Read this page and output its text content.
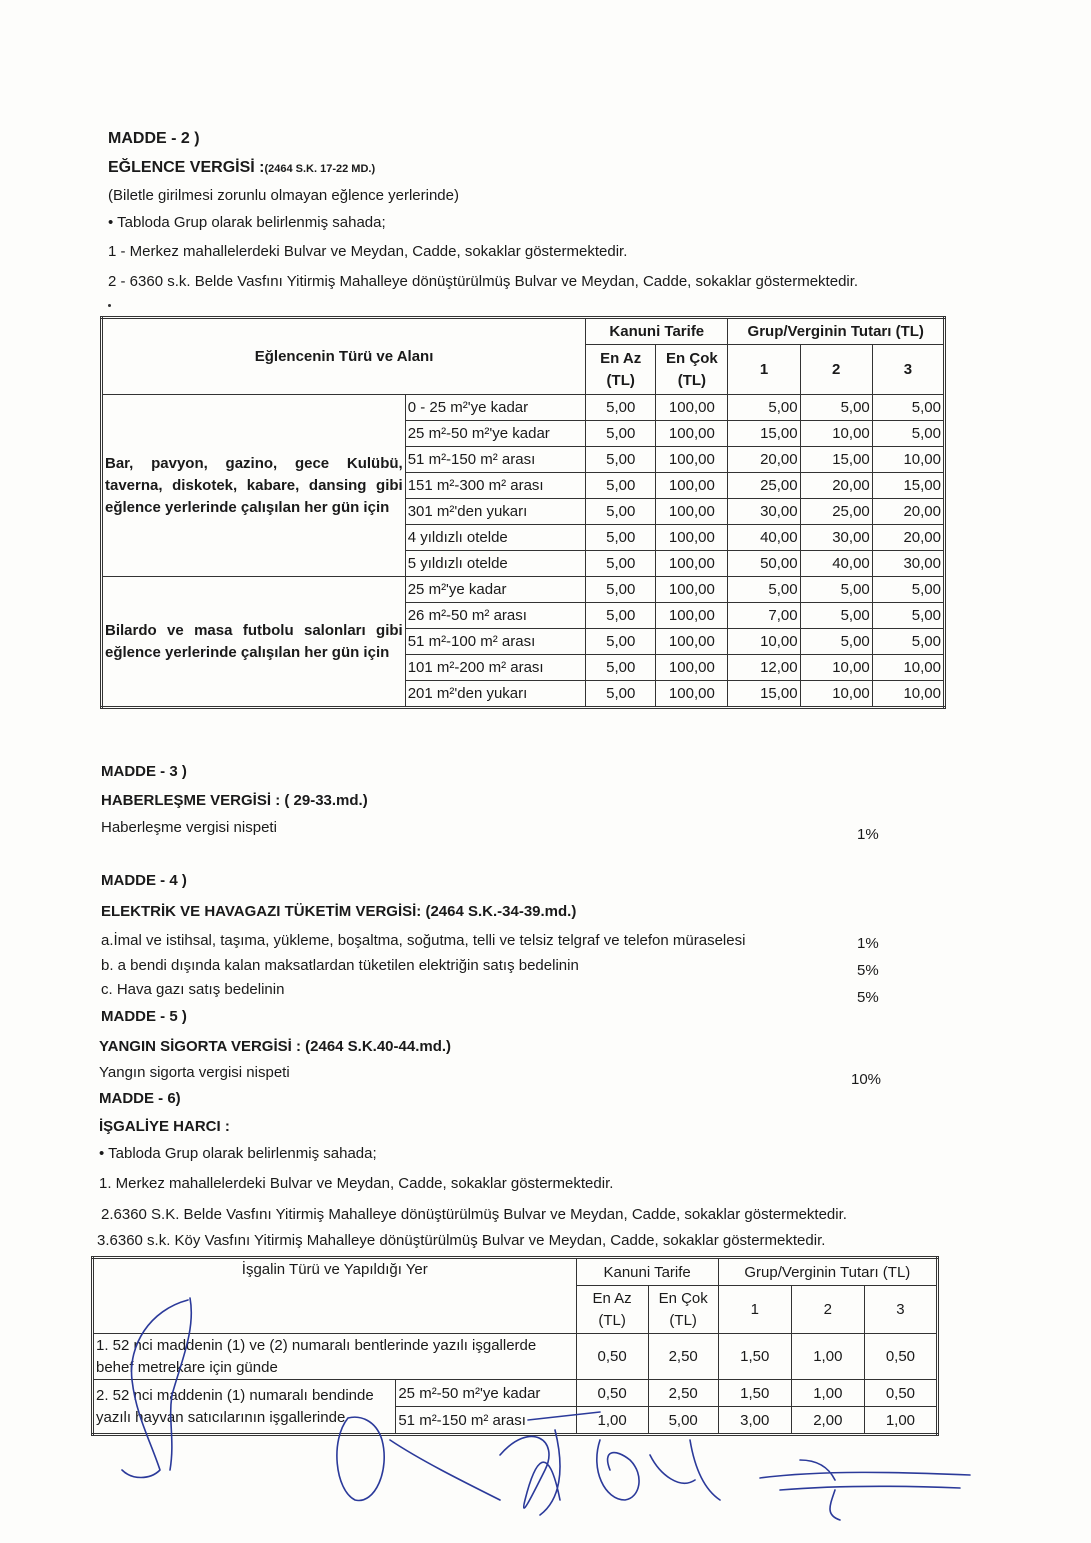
MADDE - 2 )
EĞLENCE VERGİSİ :(2464 S.K. 17-22 MD.)
(Biletle girilmesi zorunlu olmayan eğlence yerlerinde)
• Tabloda Grup olarak belirlenmiş sahada;
1 - Merkez mahallelerdeki Bulvar ve Meydan, Cadde, sokaklar göstermektedir.
2 - 6360 s.k. Belde Vasfını Yitirmiş Mahalleye dönüştürülmüş Bulvar ve Meydan, Cadde, sokaklar göstermektedir.
Eğlencenin Türü ve Alanı		Kanuni Tarife		Grup/Verginin Tutarı (TL)		
		En Az (TL)	En Çok (TL)	1	2	3
Bar, pavyon, gazino, gece Kulübü, taverna, diskotek, kabare, dansing gibi eğlence yerlerinde çalışılan her gün için	0 - 25 m²'ye kadar	5,00	100,00	5,00	5,00	5,00
	25 m²-50 m²'ye kadar	5,00	100,00	15,00	10,00	5,00
	51 m²-150 m² arası	5,00	100,00	20,00	15,00	10,00
	151 m²-300 m² arası	5,00	100,00	25,00	20,00	15,00
	301 m²'den yukarı	5,00	100,00	30,00	25,00	20,00
	4 yıldızlı otelde	5,00	100,00	40,00	30,00	20,00
	5 yıldızlı otelde	5,00	100,00	50,00	40,00	30,00
Bilardo ve masa futbolu salonları gibi eğlence yerlerinde çalışılan her gün için	25 m²'ye kadar	5,00	100,00	5,00	5,00	5,00
	26 m²-50 m² arası	5,00	100,00	7,00	5,00	5,00
	51 m²-100 m² arası	5,00	100,00	10,00	5,00	5,00
	101 m²-200 m² arası	5,00	100,00	12,00	10,00	10,00
	201 m²'den yukarı	5,00	100,00	15,00	10,00	10,00
MADDE - 3 )
HABERLEŞME VERGİSİ : ( 29-33.md.)
Haberleşme vergisi nispeti	1%
MADDE - 4 )
ELEKTRİK VE HAVAGAZI TÜKETİM VERGİSİ: (2464 S.K.-34-39.md.)
a.İmal ve istihsal, taşıma, yükleme, boşaltma, soğutma, telli ve telsiz telgraf ve telefon müraselesi	1%
b. a bendi dışında kalan maksatlardan tüketilen elektriğin satış bedelinin	5%
c. Hava gazı satış bedelinin	5%
MADDE - 5 )
YANGIN SİGORTA VERGİSİ : (2464 S.K.40-44.md.)
Yangın sigorta vergisi nispeti	10%
MADDE - 6)
İŞGALİYE HARCI :
• Tabloda Grup olarak belirlenmiş sahada;
1. Merkez mahallelerdeki Bulvar ve Meydan, Cadde, sokaklar göstermektedir.
2.6360 S.K. Belde Vasfını Yitirmiş Mahalleye dönüştürülmüş Bulvar ve Meydan, Cadde, sokaklar göstermektedir.
3.6360 s.k. Köy Vasfını Yitirmiş Mahalleye dönüştürülmüş Bulvar ve Meydan, Cadde, sokaklar göstermektedir.
İşgalin Türü ve Yapıldığı Yer		Kanuni Tarife		Grup/Verginin Tutarı (TL)		
		En Az (TL)	En Çok (TL)	1	2	3
1. 52 nci maddenin (1) ve (2) numaralı bentlerinde yazılı işgallerde behef metrekare için günde		0,50	2,50	1,50	1,00	0,50
2. 52 nci maddenin (1) numaralı bendinde yazılı hayvan satıcılarının işgallerinde	25 m²-50 m²'ye kadar	0,50	2,50	1,50	1,00	0,50
	51 m²-150 m² arası	1,00	5,00	3,00	2,00	1,00
